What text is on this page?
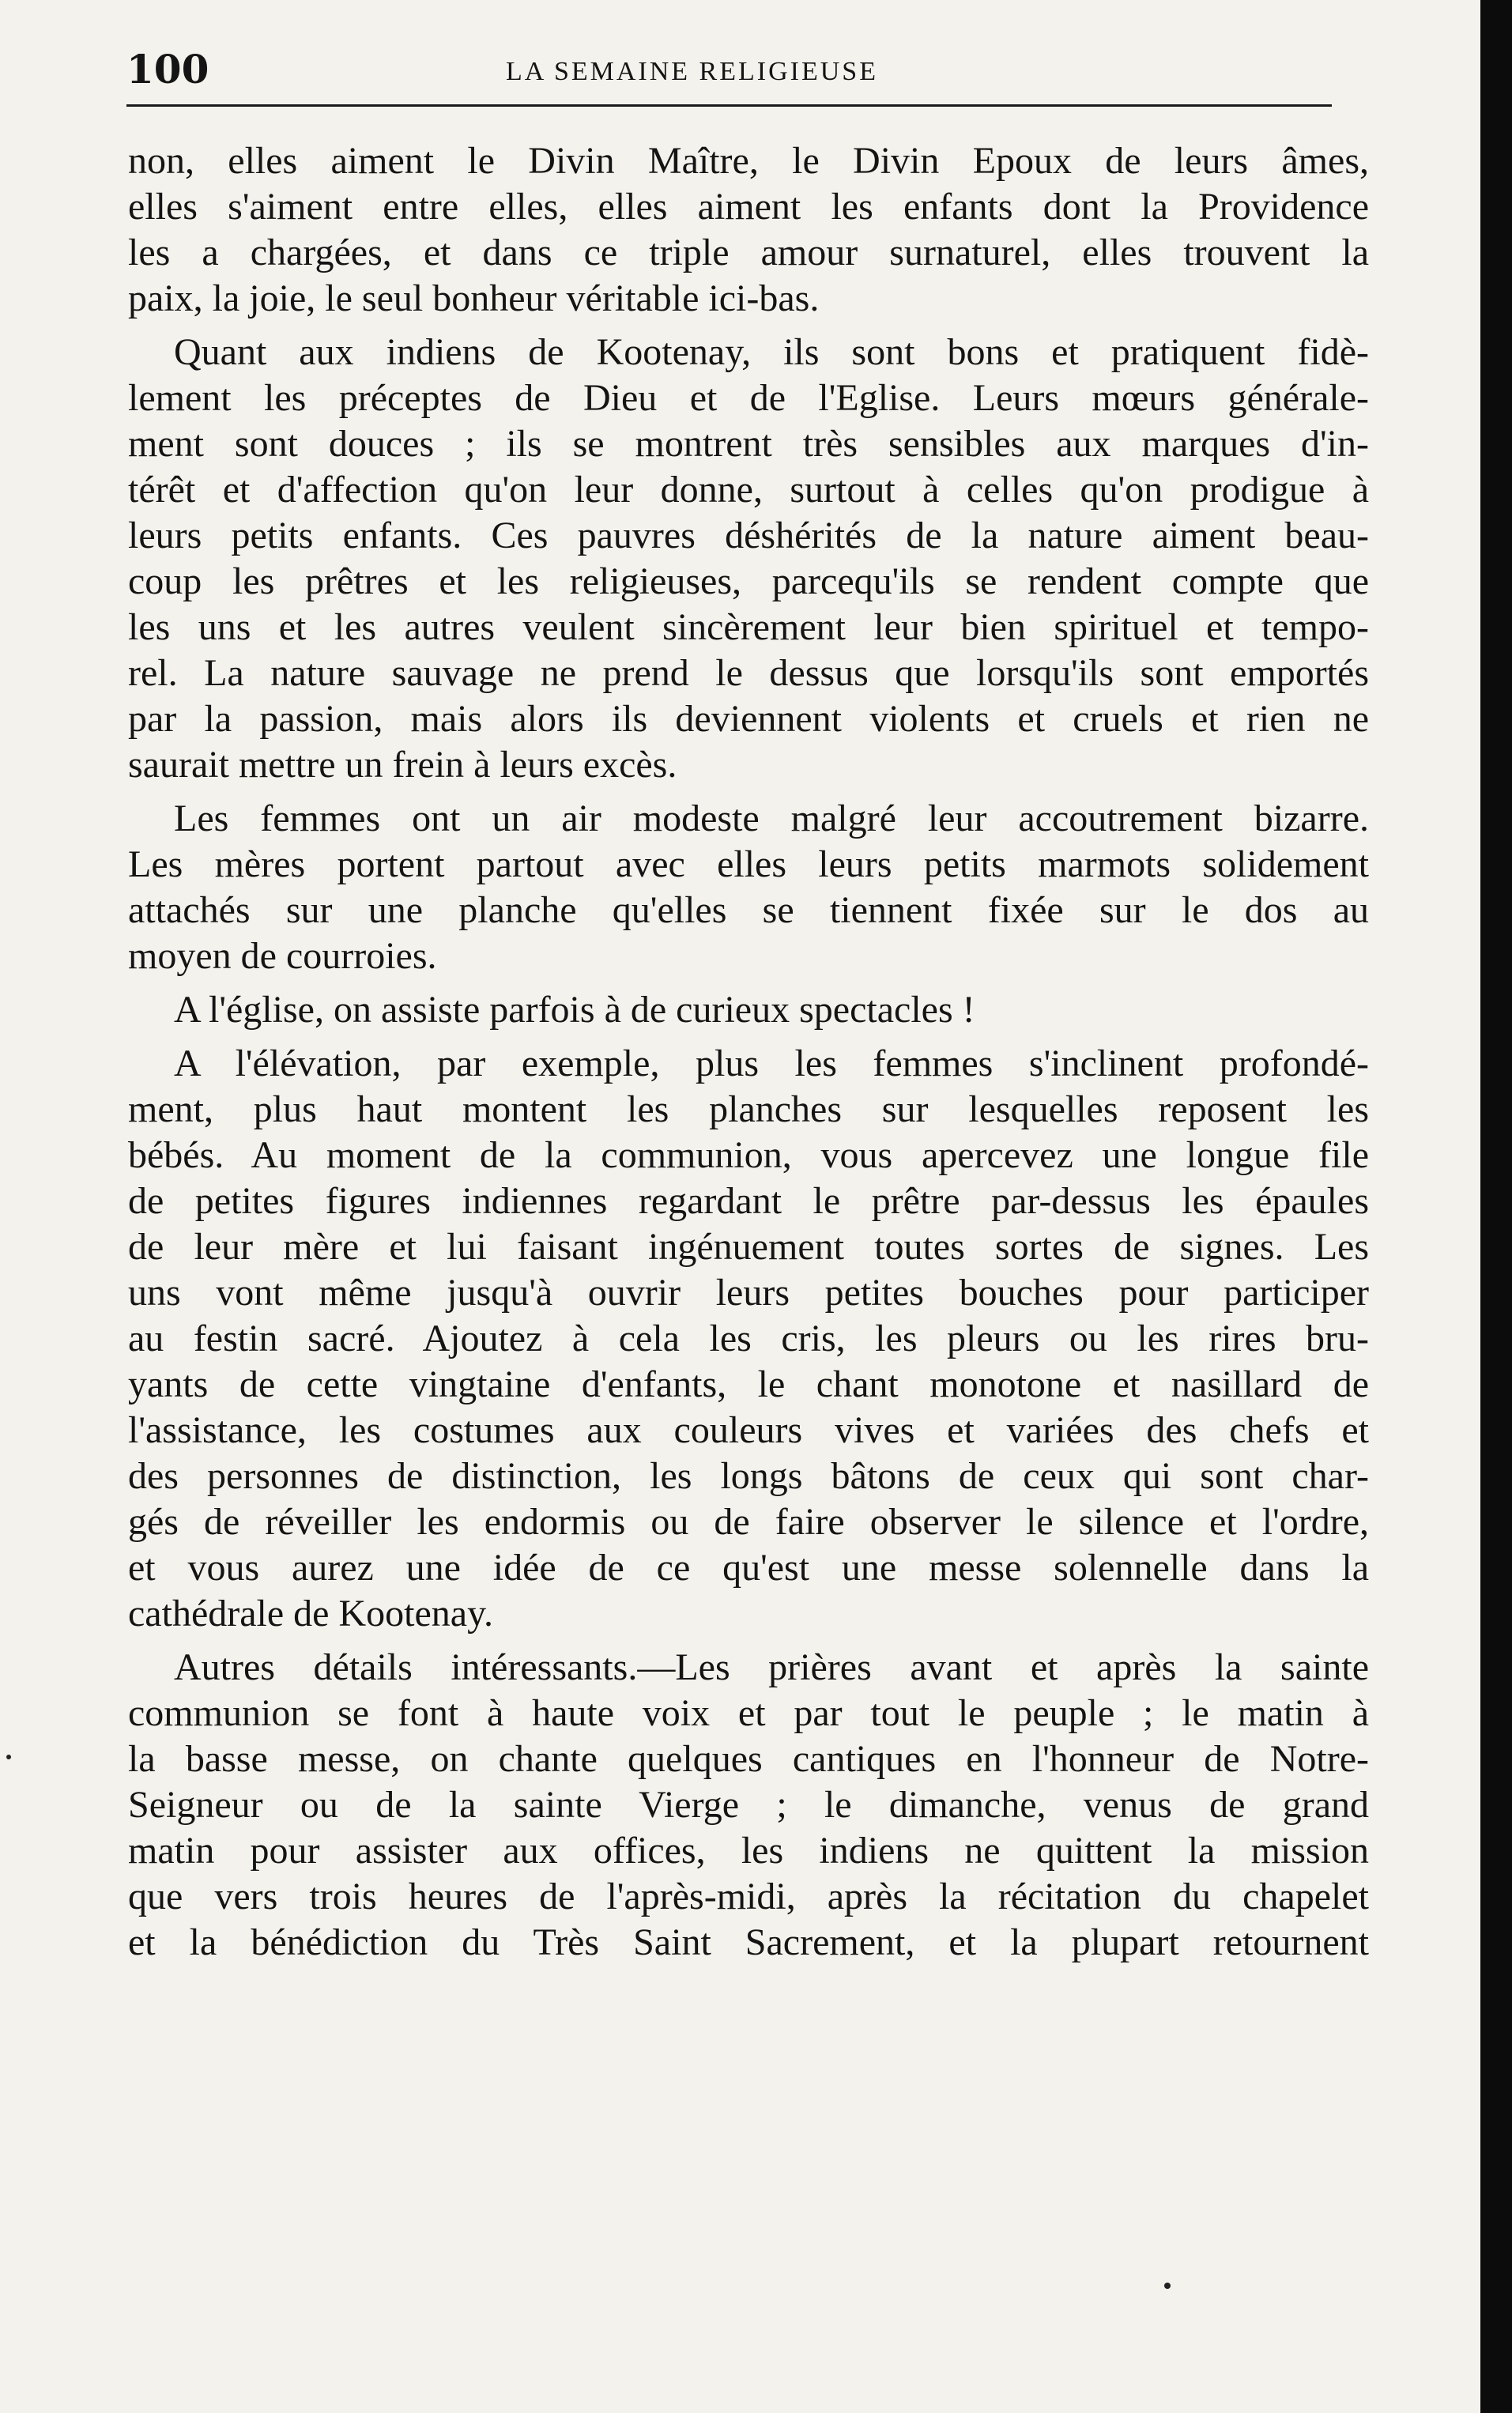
100	LA SEMAINE RELIGIEUSE
non, elles aiment le Divin Maître, le Divin Epoux de leurs âmes,
elles s'aiment entre elles, elles aiment les enfants dont la Providence
les a chargées, et dans ce triple amour surnaturel, elles trouvent la
paix, la joie, le seul bonheur véritable ici-bas.
Quant aux indiens de Kootenay, ils sont bons et pratiquent fidè-
lement les préceptes de Dieu et de l'Eglise. Leurs mœurs générale-
ment sont douces ; ils se montrent très sensibles aux marques d'in-
térêt et d'affection qu'on leur donne, surtout à celles qu'on prodigue à
leurs petits enfants. Ces pauvres déshérités de la nature aiment beau-
coup les prêtres et les religieuses, parcequ'ils se rendent compte que
les uns et les autres veulent sincèrement leur bien spirituel et tempo-
rel. La nature sauvage ne prend le dessus que lorsqu'ils sont emportés
par la passion, mais alors ils deviennent violents et cruels et rien ne
saurait mettre un frein à leurs excès.
Les femmes ont un air modeste malgré leur accoutrement bizarre.
Les mères portent partout avec elles leurs petits marmots solidement
attachés sur une planche qu'elles se tiennent fixée sur le dos au
moyen de courroies.
A l'église, on assiste parfois à de curieux spectacles !
A l'élévation, par exemple, plus les femmes s'inclinent profondé-
ment, plus haut montent les planches sur lesquelles reposent les
bébés. Au moment de la communion, vous apercevez une longue file
de petites figures indiennes regardant le prêtre par-dessus les épaules
de leur mère et lui faisant ingénuement toutes sortes de signes. Les
uns vont même jusqu'à ouvrir leurs petites bouches pour participer
au festin sacré. Ajoutez à cela les cris, les pleurs ou les rires bru-
yants de cette vingtaine d'enfants, le chant monotone et nasillard de
l'assistance, les costumes aux couleurs vives et variées des chefs et
des personnes de distinction, les longs bâtons de ceux qui sont char-
gés de réveiller les endormis ou de faire observer le silence et l'ordre,
et vous aurez une idée de ce qu'est une messe solennelle dans la
cathédrale de Kootenay.
Autres détails intéressants.—Les prières avant et après la sainte
communion se font à haute voix et par tout le peuple ; le matin à
la basse messe, on chante quelques cantiques en l'honneur de Notre-
Seigneur ou de la sainte Vierge ; le dimanche, venus de grand
matin pour assister aux offices, les indiens ne quittent la mission
que vers trois heures de l'après-midi, après la récitation du chapelet
et la bénédiction du Très Saint Sacrement, et la plupart retournent
